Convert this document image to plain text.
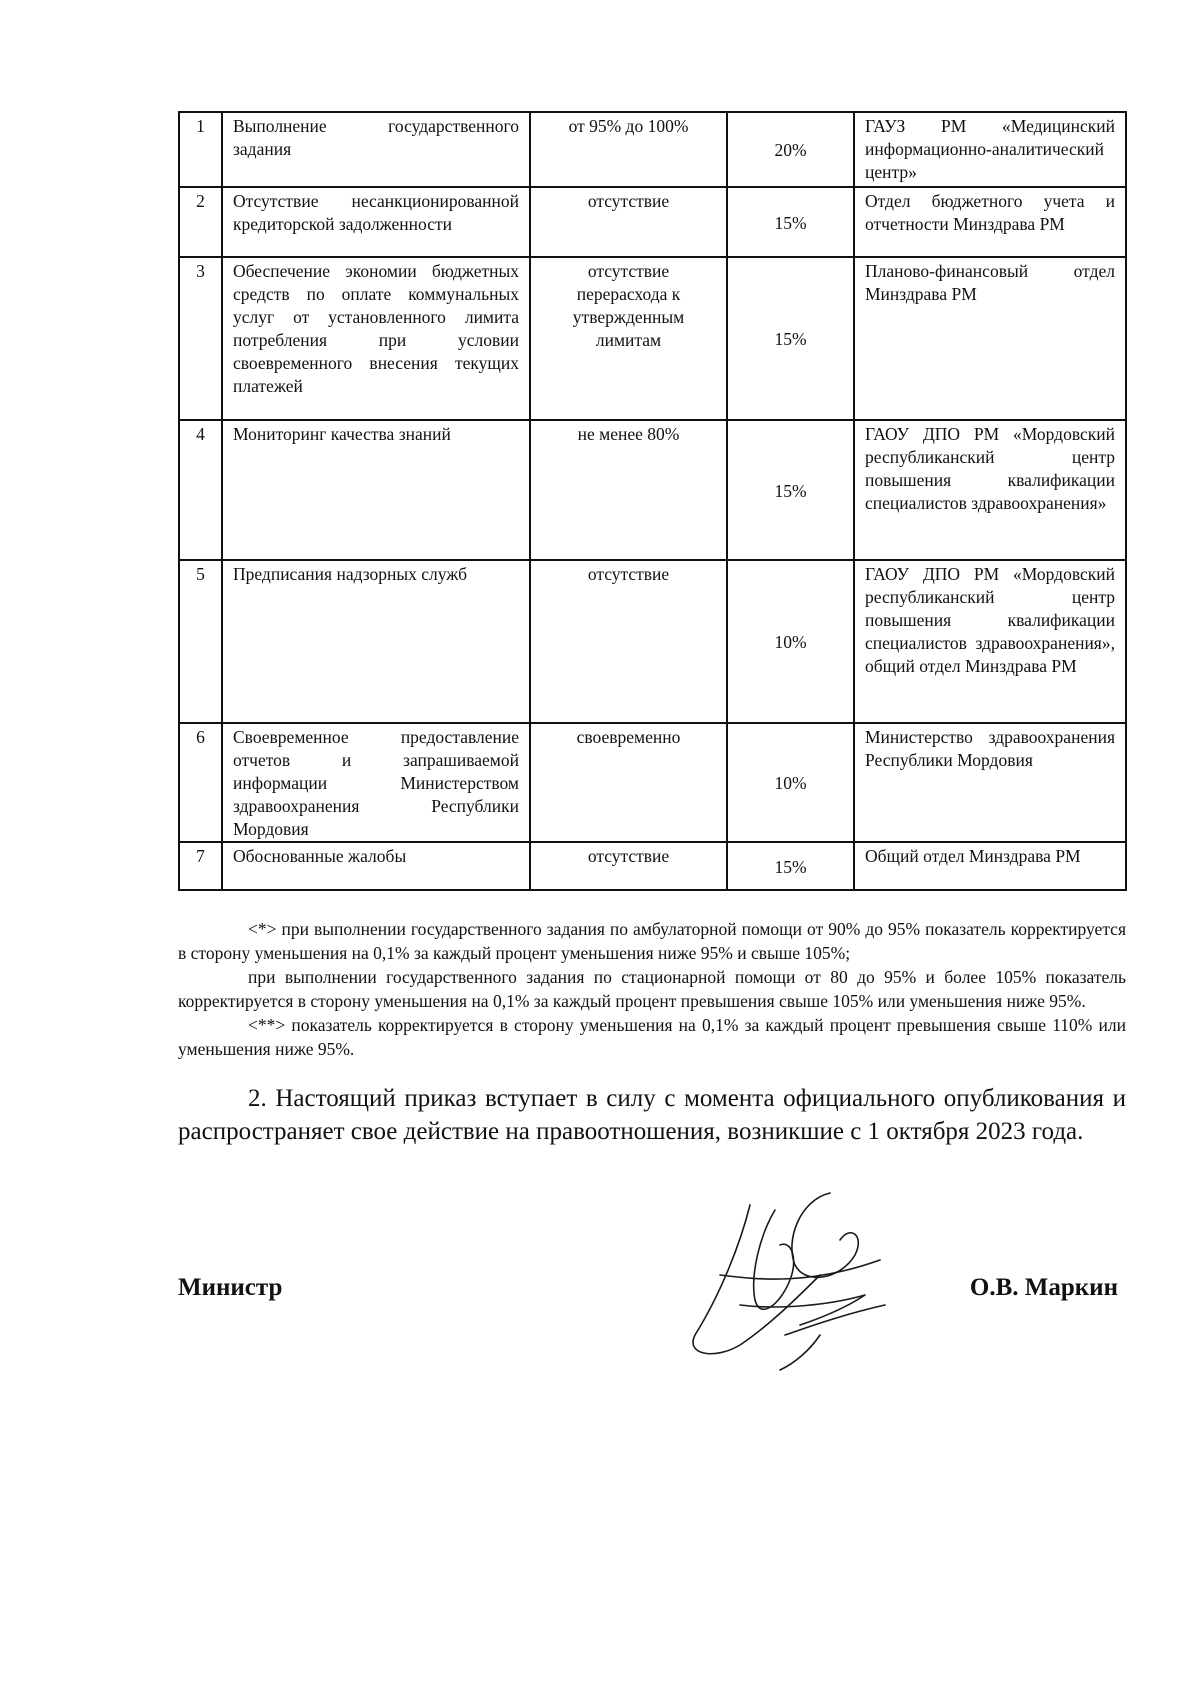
1	Выполнение государственного задания	от 95% до 100%	20%	ГАУЗ РМ «Медицинский информационно-аналитический центр»
2	Отсутствие несанкционированной кредиторской задолженности	отсутствие	15%	Отдел бюджетного учета и отчетности Минздрава РМ
3	Обеспечение экономии бюджетных средств по оплате коммунальных услуг от установленного лимита потребления при условии своевременного внесения текущих платежей	отсутствие перерасхода к утвержденным лимитам	15%	Планово-финансовый отдел Минздрава РМ
4	Мониторинг качества знаний	не менее 80%	15%	ГАОУ ДПО РМ «Мордовский республиканский центр повышения квалификации специалистов здравоохранения»
5	Предписания надзорных служб	отсутствие	10%	ГАОУ ДПО РМ «Мордовский республиканский центр повышения квалификации специалистов здравоохранения», общий отдел Минздрава РМ
6	Своевременное предоставление отчетов и запрашиваемой информации Министерством здравоохранения Республики Мордовия	своевременно	10%	Министерство здравоохранения Республики Мордовия
7	Обоснованные жалобы	отсутствие	15%	Общий отдел Минздрава РМ

<*> при выполнении государственного задания по амбулаторной помощи от 90% до 95% показатель корректируется в сторону уменьшения на 0,1% за каждый процент уменьшения ниже 95% и свыше 105%;

при выполнении государственного задания по стационарной помощи от 80 до 95% и более 105% показатель корректируется в сторону уменьшения на 0,1% за каждый процент превышения свыше 105% или уменьшения ниже 95%.

<**> показатель корректируется в сторону уменьшения на 0,1% за каждый процент превышения свыше 110% или уменьшения ниже 95%.

2. Настоящий приказ вступает в силу с момента официального опубликования и распространяет свое действие на правоотношения, возникшие с 1 октября 2023 года.

Министр	О.В. Маркин
